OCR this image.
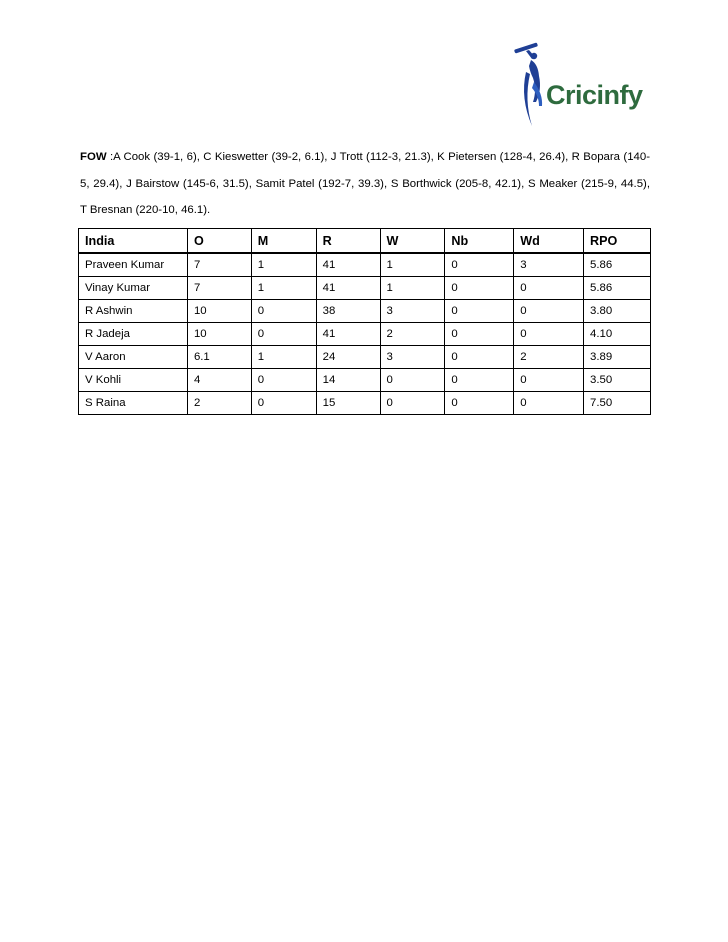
Cricinfy
FOW :A Cook (39-1, 6), C Kieswetter (39-2, 6.1), J Trott (112-3, 21.3), K Pietersen (128-4, 26.4), R Bopara (140-5, 29.4), J Bairstow (145-6, 31.5), Samit Patel (192-7, 39.3), S Borthwick (205-8, 42.1), S Meaker (215-9, 44.5), T Bresnan (220-10, 46.1).
India	O	M	R	W	Nb	Wd	RPO
Praveen Kumar	7	1	41	1	0	3	5.86
Vinay Kumar	7	1	41	1	0	0	5.86
R Ashwin	10	0	38	3	0	0	3.80
R Jadeja	10	0	41	2	0	0	4.10
V Aaron	6.1	1	24	3	0	2	3.89
V Kohli	4	0	14	0	0	0	3.50
S Raina	2	0	15	0	0	0	7.50
